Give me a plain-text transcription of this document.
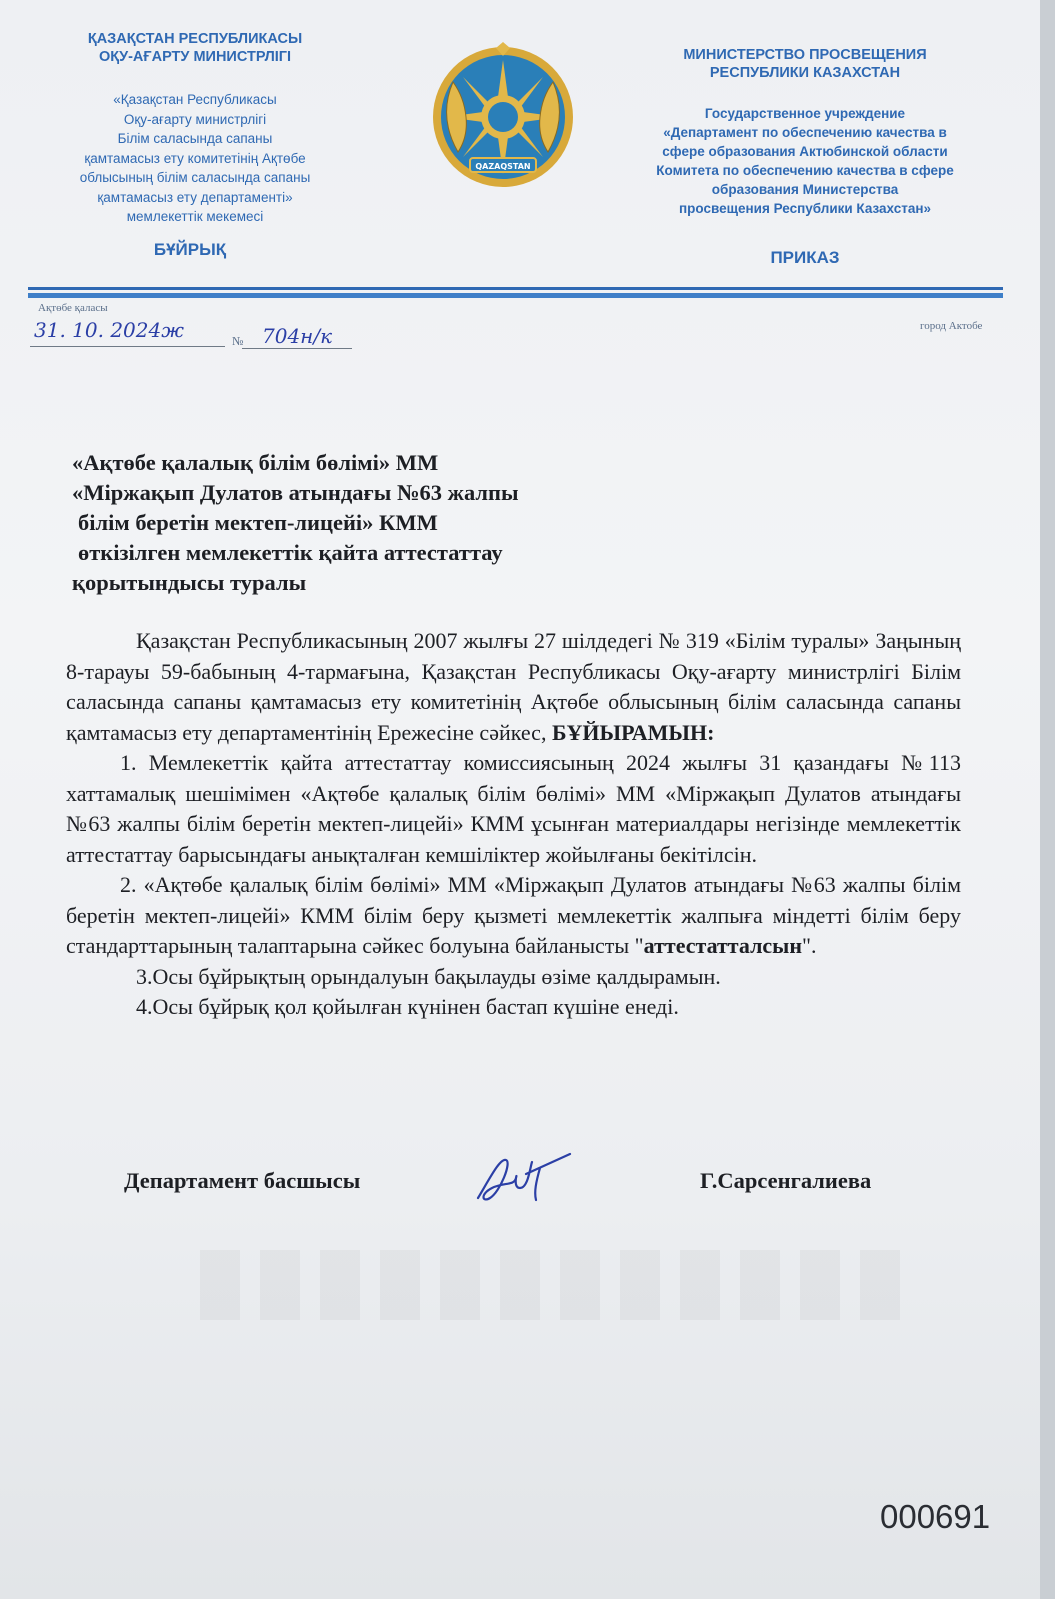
ҚАЗАҚСТАН РЕСПУБЛИКАСЫ
ОҚУ-АҒАРТУ МИНИСТРЛІГІ
«Қазақстан Республикасы
Оқу-ағарту министрлігі
Білім саласында сапаны
қамтамасыз ету комитетінің Ақтөбе
облысының білім саласында сапаны
қамтамасыз ету департаменті»
мемлекеттік мекемесі
БҰЙРЫҚ
QAZAQSTAN
МИНИСТЕРСТВО ПРОСВЕЩЕНИЯ
РЕСПУБЛИКИ КАЗАХСТАН
Государственное учреждение
«Департамент по обеспечению качества в
сфере образования Актюбинской области
Комитета по обеспечению качества в сфере
образования Министерства
просвещения Республики Казахстан»
ПРИКАЗ
Ақтөбе қаласы
город Актобе
31. 10. 2024ж	№ 704н/к
«Ақтөбе қалалық білім бөлімі» ММ
«Міржақып Дулатов атындағы №63 жалпы
білім беретін мектеп-лицейі» КММ
өткізілген мемлекеттік қайта аттестаттау
қорытындысы туралы

Қазақстан Республикасының 2007 жылғы 27 шілдедегі № 319 «Білім туралы» Заңының 8-тарауы 59-бабының 4-тармағына, Қазақстан Республикасы Оқу-ағарту министрлігі Білім саласында сапаны қамтамасыз ету комитетінің Ақтөбе облысының білім саласында сапаны қамтамасыз ету департаментінің Ережесіне сәйкес, БҰЙЫРАМЫН:

1. Мемлекеттік қайта аттестаттау комиссиясының 2024 жылғы 31 қазандағы №113 хаттамалық шешімімен «Ақтөбе қалалық білім бөлімі» ММ «Міржақып Дулатов атындағы №63 жалпы білім беретін мектеп-лицейі» КММ ұсынған материалдары негізінде мемлекеттік аттестаттау барысындағы анықталған кемшіліктер жойылғаны бекітілсін.

2. «Ақтөбе қалалық білім бөлімі» ММ «Міржақып Дулатов атындағы №63 жалпы білім беретін мектеп-лицейі» КММ білім беру қызметі мемлекеттік жалпыға міндетті білім беру стандарттарының талаптарына сәйкес болуына байланысты "аттестатталсын".

3.Осы бұйрықтың орындалуын бақылауды өзіме қалдырамын.

4.Осы бұйрық қол қойылған күнінен бастап күшіне енеді.

Департамент басшысы	Г.Сарсенгалиева
000691
